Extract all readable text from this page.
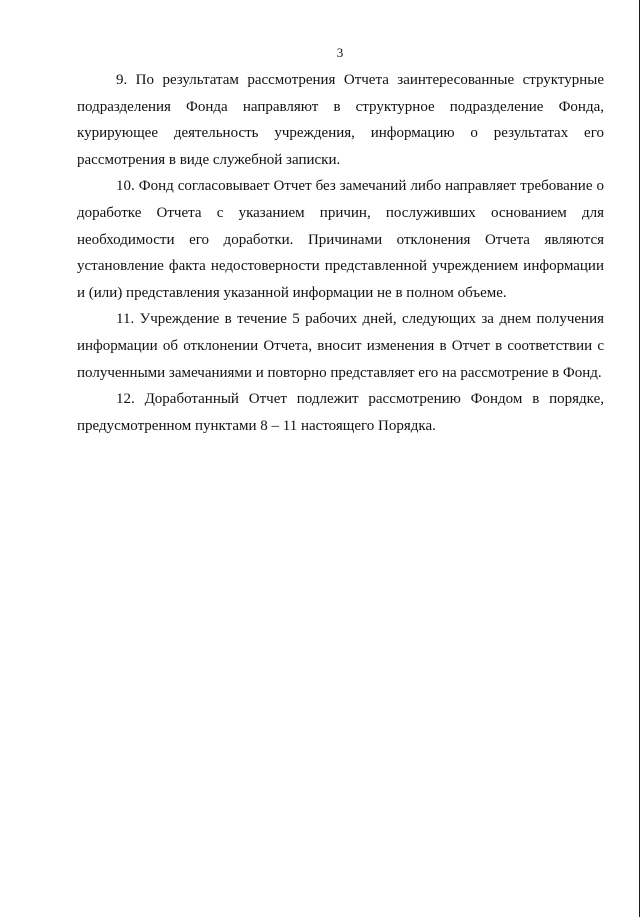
3

9. По результатам рассмотрения Отчета заинтересованные структурные подразделения Фонда направляют в структурное подразделение Фонда, курирующее деятельность учреждения, информацию о результатах его рассмотрения в виде служебной записки.

10. Фонд согласовывает Отчет без замечаний либо направляет требование о доработке Отчета с указанием причин, послуживших основанием для необходимости его доработки. Причинами отклонения Отчета являются установление факта недостоверности представленной учреждением информации и (или) представления указанной информации не в полном объеме.

11. Учреждение в течение 5 рабочих дней, следующих за днем получения информации об отклонении Отчета, вносит изменения в Отчет в соответствии с полученными замечаниями и повторно представляет его на рассмотрение в Фонд.

12. Доработанный Отчет подлежит рассмотрению Фондом в порядке, предусмотренном пунктами 8 – 11 настоящего Порядка.
